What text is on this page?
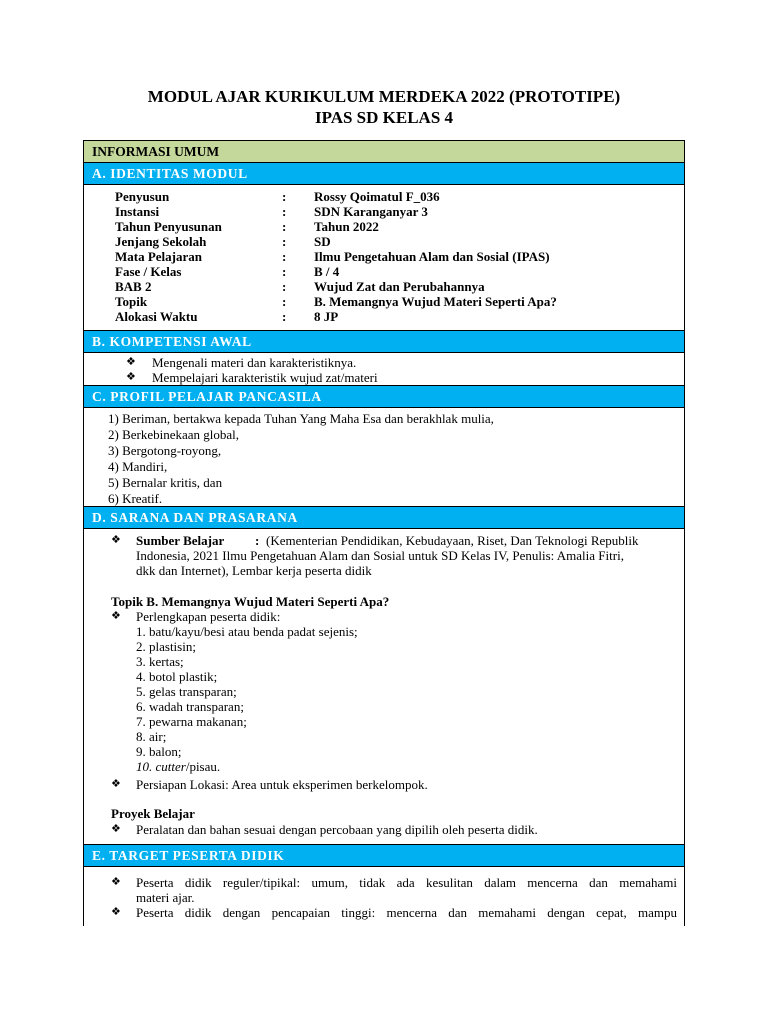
MODUL AJAR KURIKULUM MERDEKA 2022 (PROTOTIPE)
IPAS SD KELAS 4
INFORMASI UMUM
A. IDENTITAS MODUL
Penyusun	: Rossy Qoimatul F_036
Instansi	: SDN Karanganyar 3
Tahun Penyusunan	: Tahun 2022
Jenjang Sekolah	: SD
Mata Pelajaran	: Ilmu Pengetahuan Alam dan Sosial (IPAS)
Fase / Kelas	: B / 4
BAB 2	: Wujud Zat dan Perubahannya
Topik	: B. Memangnya Wujud Materi Seperti Apa?
Alokasi Waktu	: 8 JP
B. KOMPETENSI AWAL
❖ Mengenali materi dan karakteristiknya.
❖ Mempelajari karakteristik wujud zat/materi
C. PROFIL PELAJAR PANCASILA
1) Beriman, bertakwa kepada Tuhan Yang Maha Esa dan berakhlak mulia,
2) Berkebinekaan global,
3) Bergotong-royong,
4) Mandiri,
5) Bernalar kritis, dan
6) Kreatif.
D. SARANA DAN PRASARANA
❖ Sumber Belajar : (Kementerian Pendidikan, Kebudayaan, Riset, Dan Teknologi Republik
Indonesia, 2021 Ilmu Pengetahuan Alam dan Sosial untuk SD Kelas IV, Penulis: Amalia Fitri,
dkk dan Internet), Lembar kerja peserta didik
Topik B. Memangnya Wujud Materi Seperti Apa?
❖ Perlengkapan peserta didik:
1. batu/kayu/besi atau benda padat sejenis;
2. plastisin;
3. kertas;
4. botol plastik;
5. gelas transparan;
6. wadah transparan;
7. pewarna makanan;
8. air;
9. balon;
10. cutter/pisau.
❖ Persiapan Lokasi: Area untuk eksperimen berkelompok.
Proyek Belajar
❖ Peralatan dan bahan sesuai dengan percobaan yang dipilih oleh peserta didik.
E. TARGET PESERTA DIDIK
❖ Peserta didik reguler/tipikal: umum, tidak ada kesulitan dalam mencerna dan memahami
materi ajar.
❖ Peserta didik dengan pencapaian tinggi: mencerna dan memahami dengan cepat, mampu
